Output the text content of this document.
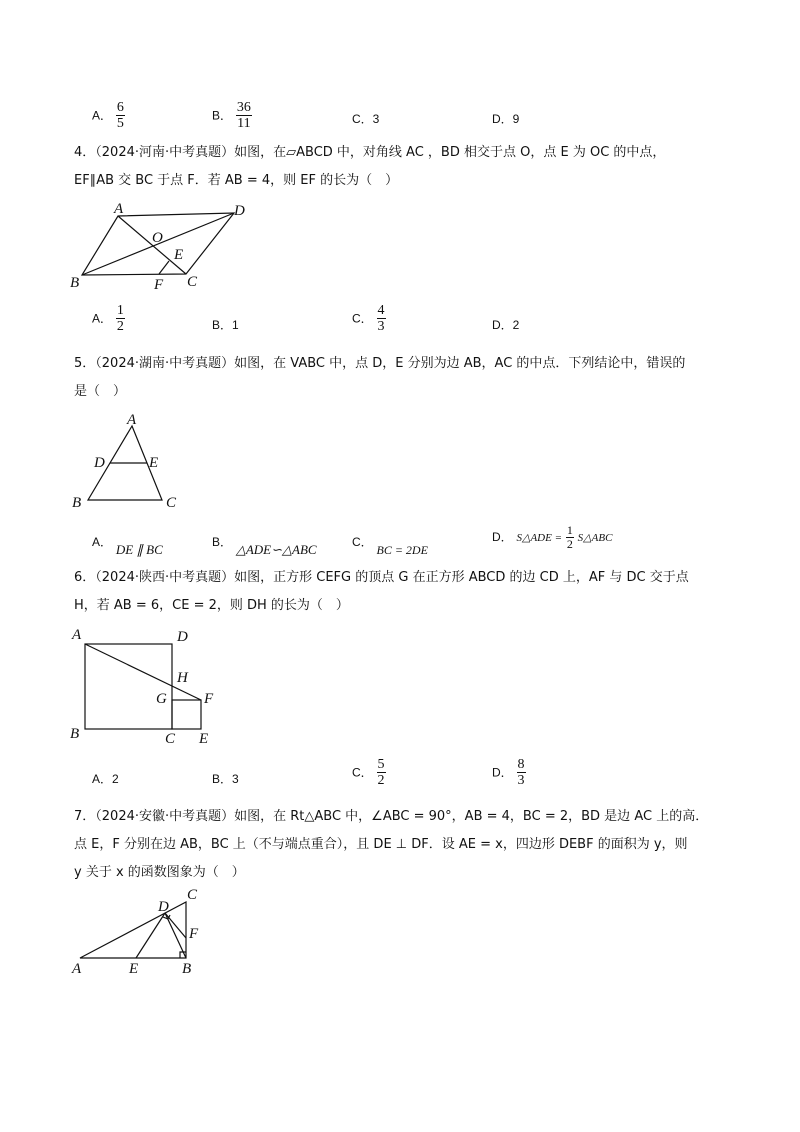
A． $\frac{6}{5}$	B． $\frac{36}{11}$	C．3	D．9
4．（2024·河南·中考真题）如图，在▱ABCD 中，对角线 AC ，BD 相交于点 O，点 E 为 OC 的中点，
EF∥AB 交 BC 于点 F．若 AB = 4，则 EF 的长为（　）
A	D
O
E
B	F C
A． $\frac{1}{2}$	B．1	C． $\frac{4}{3}$	D．2
5．（2024·湖南·中考真题）如图，在 VABC 中，点 D，E 分别为边 AB，AC 的中点．下列结论中，错误的
是（　）
A
D	E
B	C
A． DE ∥ BC	B． △ADE∽△ABC	C． BC = 2DE
D． S△ADE = $\frac{1}{2}$ S△ABC
6．（2024·陕西·中考真题）如图，正方形 CEFG 的顶点 G 在正方形 ABCD 的边 CD 上，AF 与 DC 交于点
H，若 AB = 6，CE = 2，则 DH 的长为（　）
A	D
H
G F
B	C E
A．2	B．3	C． $\frac{5}{2}$	D． $\frac{8}{3}$
7．（2024·安徽·中考真题）如图，在 Rt△ABC 中，∠ABC = 90°，AB = 4，BC = 2，BD 是边 AC 上的高．
点 E，F 分别在边 AB，BC 上（不与端点重合），且 DE ⊥ DF．设 AE = x，四边形 DEBF 的面积为 y，则
y 关于 x 的函数图象为（　）
C
D
F
A	E	B
